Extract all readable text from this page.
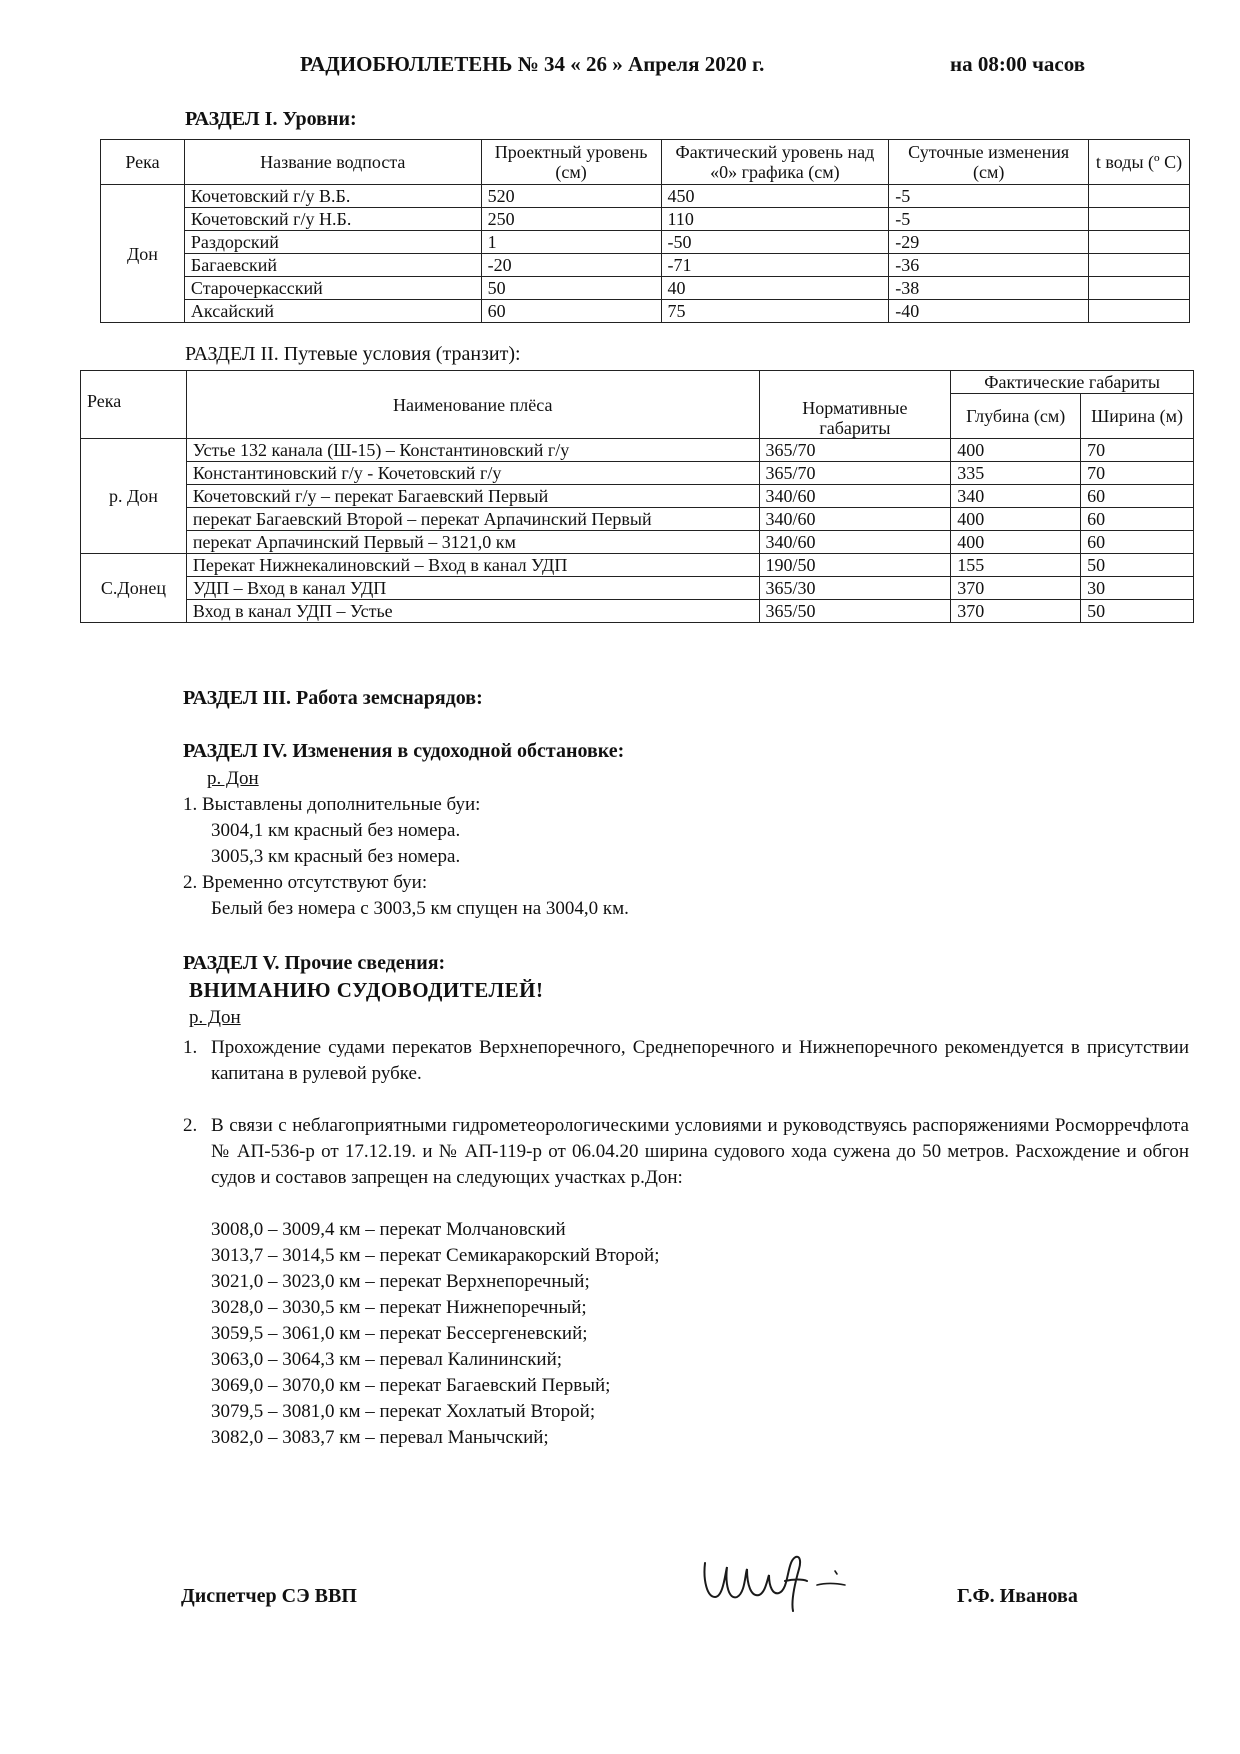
РАДИОБЮЛЛЕТЕНЬ № 34 « 26 » Апреля 2020 г.	на 08:00 часов
РАЗДЕЛ I. Уровни:
Река	Название водпоста	Проектный уровень (см)	Фактический уровень над «0» графика (см)	Суточные изменения (см)	t воды (º С)
Дон	Кочетовский г/у В.Б.	520	450	-5	
	Кочетовский г/у Н.Б.	250	110	-5	
	Раздорский	1	-50	-29	
	Багаевский	-20	-71	-36	
	Старочеркасский	50	40	-38	
	Аксайский	60	75	-40	
РАЗДЕЛ II. Путевые условия (транзит):
Река	Наименование плёса	Нормативные габариты	Фактические габариты	
			Глубина (см)	Ширина (м)
р. Дон	Устье 132 канала (Ш-15) – Константиновский г/у	365/70	400	70
	Константиновский г/у - Кочетовский г/у	365/70	335	70
	Кочетовский г/у – перекат Багаевский Первый	340/60	340	60
	перекат Багаевский Второй – перекат Арпачинский Первый	340/60	400	60
	перекат Арпачинский Первый – 3121,0 км	340/60	400	60
С.Донец	Перекат Нижнекалиновский – Вход в канал УДП	190/50	155	50
	УДП – Вход в канал УДП	365/30	370	30
	Вход в канал УДП – Устье	365/50	370	50
РАЗДЕЛ III. Работа земснарядов:
РАЗДЕЛ IV. Изменения в судоходной обстановке:
р. Дон
1. Выставлены дополнительные буи:
3004,1 км красный без номера.
3005,3 км красный без номера.
2. Временно отсутствуют буи:
Белый без номера с 3003,5 км спущен на 3004,0 км.
РАЗДЕЛ V. Прочие сведения:
ВНИМАНИЮ СУДОВОДИТЕЛЕЙ!
р. Дон
1. Прохождение судами перекатов Верхнепоречного, Среднепоречного и Нижнепоречного рекомендуется в присутствии капитана в рулевой рубке.
2. В связи с неблагоприятными гидрометеорологическими условиями и руководствуясь распоряжениями Росморречфлота № АП-536-р от 17.12.19. и № АП-119-р от 06.04.20 ширина судового хода сужена до 50 метров. Расхождение и обгон судов и составов запрещен на следующих участках р.Дон:
3008,0 – 3009,4 км – перекат Молчановский
3013,7 – 3014,5 км – перекат Семикаракорский Второй;
3021,0 – 3023,0 км – перекат Верхнепоречный;
3028,0 – 3030,5 км – перекат Нижнепоречный;
3059,5 – 3061,0 км – перекат Бессергеневский;
3063,0 – 3064,3 км – перевал Калининский;
3069,0 – 3070,0 км – перекат Багаевский Первый;
3079,5 – 3081,0 км – перекат Хохлатый Второй;
3082,0 – 3083,7 км – перевал Манычский;
Диспетчер СЭ ВВП	Г.Ф. Иванова
